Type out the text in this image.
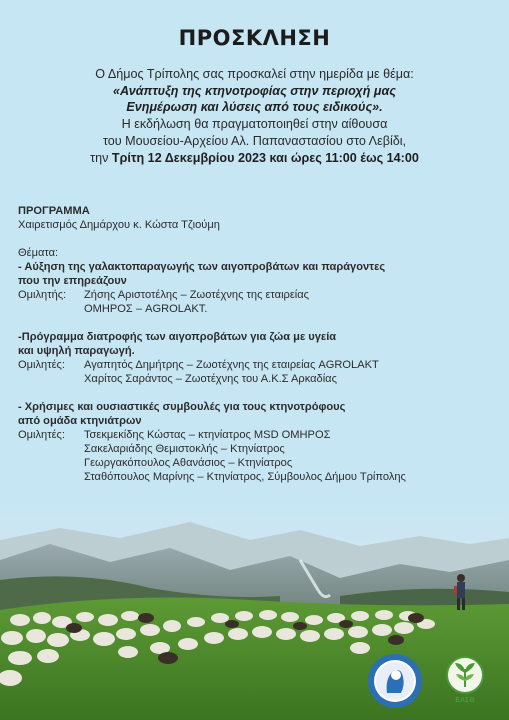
ΠΡΟΣΚΛΗΣΗ
Ο Δήμος Τρίπολης σας προσκαλεί στην ημερίδα με θέμα:
«Ανάπτυξη της κτηνοτροφίας στην περιοχή μας
Ενημέρωση και λύσεις από τους ειδικούς».
Η εκδήλωση θα πραγματοποιηθεί στην αίθουσα
του Μουσείου-Αρχείου Αλ. Παπαναστασίου στο Λεβίδι,
την Τρίτη 12 Δεκεμβρίου 2023 και ώρες 11:00 έως 14:00
ΠΡΟΓΡΑΜΜΑ
Χαιρετισμός Δημάρχου κ. Κώστα Τζιούμη
Θέματα:
- Αύξηση της γαλακτοπαραγωγής των αιγοπροβάτων και παράγοντες
που την επηρεάζουν
Ομιλητής:	Ζήσης Αριστοτέλης – Ζωοτέχνης της εταιρείας
ΟΜΗΡΟΣ – AGROLAKT.
-Πρόγραμμα διατροφής των αιγοπροβάτων για ζώα με υγεία
και υψηλή παραγωγή.
Ομιλητές:	Αγαπητός Δημήτρης – Ζωοτέχνης της εταιρείας AGROLAKT
Χαρίτος Σαράντος – Ζωοτέχνης του Α.Κ.Σ Αρκαδίας
- Χρήσιμες και ουσιαστικές συμβουλές για τους κτηνοτρόφους
από ομάδα κτηνιάτρων
Ομιλητές:	Τσεκμεκίδης Κώστας – κτηνίατρος MSD ΟΜΗΡΟΣ
Σακελαριάδης Θεμιστοκλής – Κτηνίατρος
Γεωργακόπουλος Αθανάσιος – Κτηνίατρος
Σταθόπουλος Μαρίνης – Κτηνίατρος, Σύμβουλος Δήμου Τρίπολης
ΕΑΣΘ
